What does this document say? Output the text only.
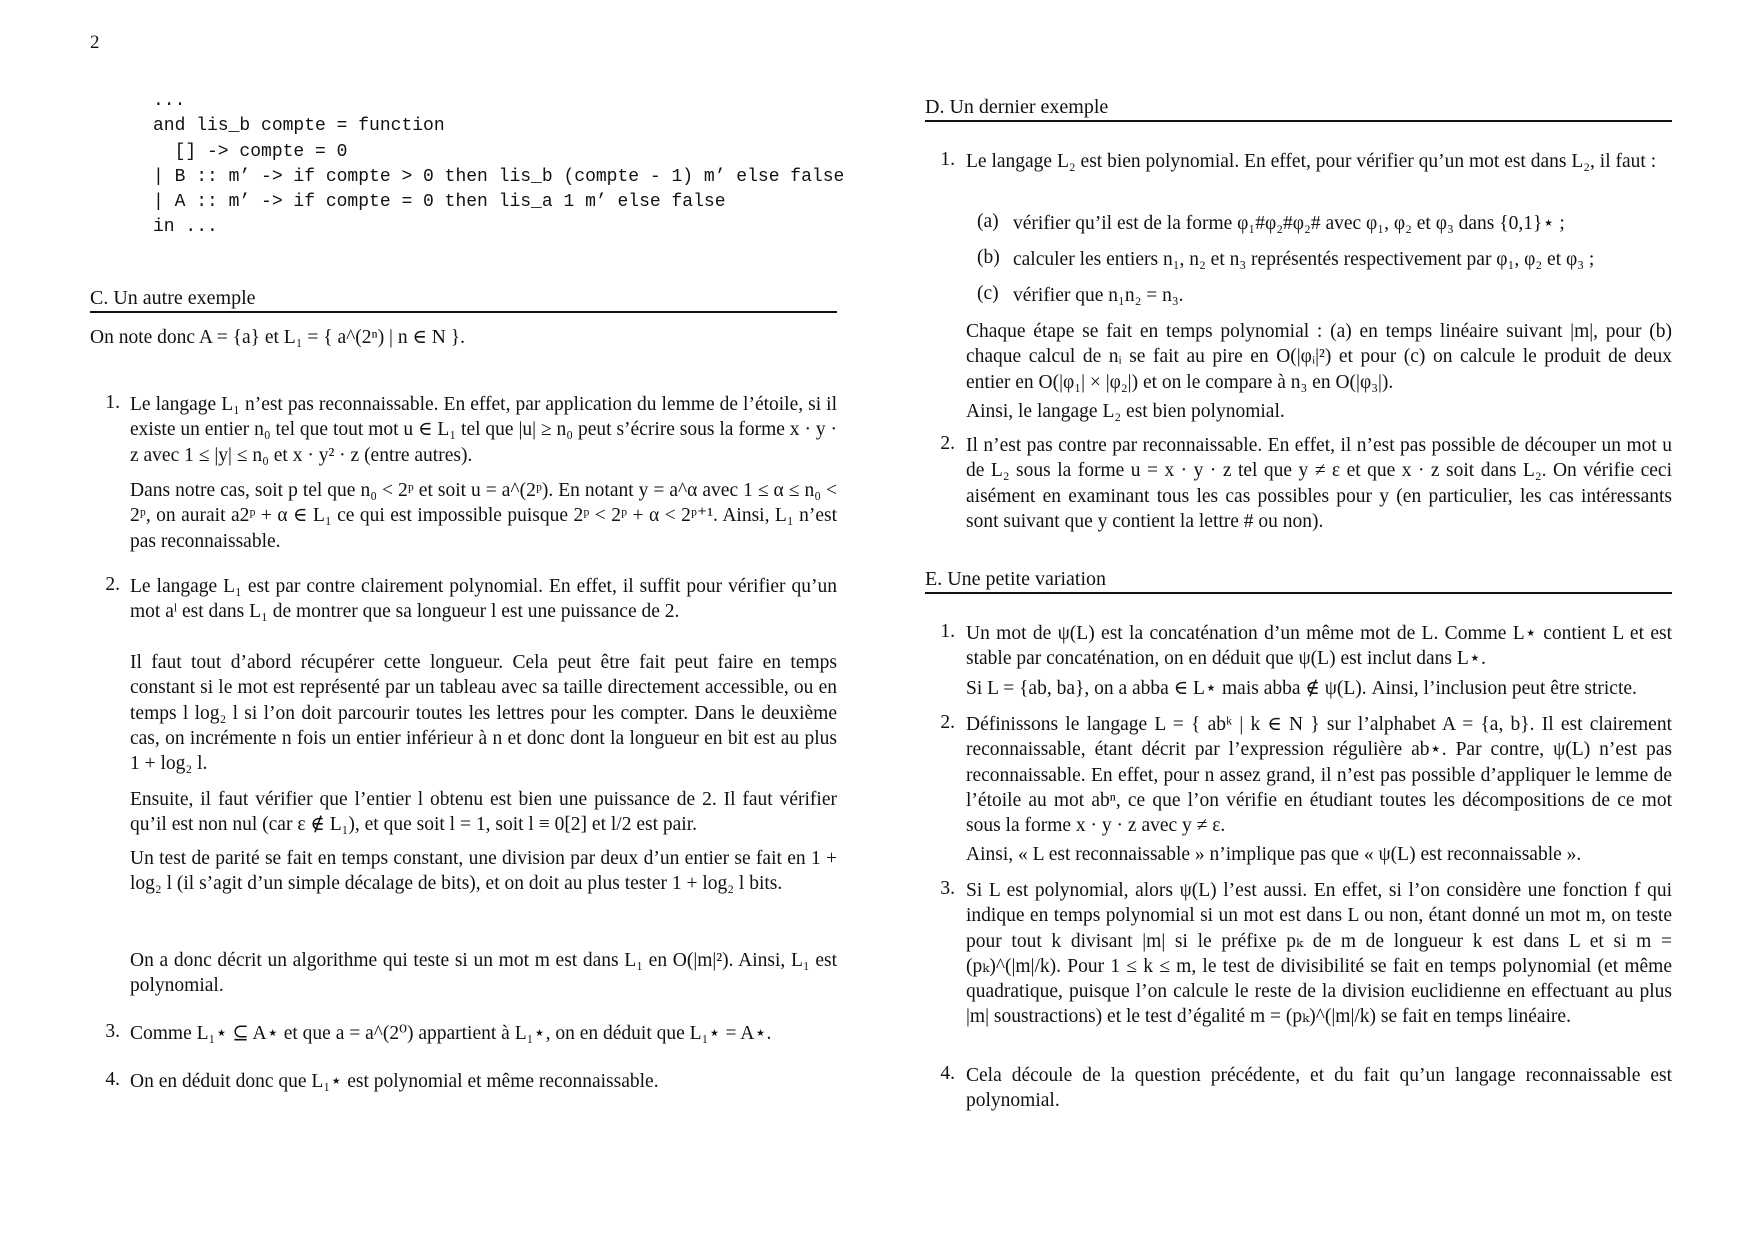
2
...
and lis_b compte = function
[] -> compte = 0
| B :: m’ -> if compte > 0 then lis_b (compte - 1) m’ else false
| A :: m’ -> if compte = 0 then lis_a 1 m’ else false
in ...
C. Un autre exemple
On note donc A = {a} et L₁ = { a^(2ⁿ) | n ∈ N }.
1. Le langage L₁ n’est pas reconnaissable. En effet, par application du lemme de l’étoile, si il existe un entier n₀ tel que tout mot u ∈ L₁ tel que |u| ≥ n₀ peut s’écrire sous la forme x · y · z avec 1 ≤ |y| ≤ n₀ et x · y² · z (entre autres).
Dans notre cas, soit p tel que n₀ < 2ᵖ et soit u = a^(2ᵖ). En notant y = a^α avec 1 ≤ α ≤ n₀ < 2ᵖ, on aurait a2ᵖ + α ∈ L₁ ce qui est impossible puisque 2ᵖ < 2ᵖ + α < 2ᵖ⁺¹. Ainsi, L₁ n’est pas reconnaissable.
2. Le langage L₁ est par contre clairement polynomial. En effet, il suffit pour vérifier qu’un mot aˡ est dans L₁ de montrer que sa longueur l est une puissance de 2.
Il faut tout d’abord récupérer cette longueur. Cela peut être fait peut faire en temps constant si le mot est représenté par un tableau avec sa taille directement accessible, ou en temps l log₂ l si l’on doit parcourir toutes les lettres pour les compter. Dans le deuxième cas, on incrémente n fois un entier inférieur à n et donc dont la longueur en bit est au plus 1 + log₂ l.
Ensuite, il faut vérifier que l’entier l obtenu est bien une puissance de 2. Il faut vérifier qu’il est non nul (car ε ∉ L₁), et que soit l = 1, soit l ≡ 0[2] et l/2 est pair.
Un test de parité se fait en temps constant, une division par deux d’un entier se fait en 1 + log₂ l (il s’agit d’un simple décalage de bits), et on doit au plus tester 1 + log₂ l bits.
On a donc décrit un algorithme qui teste si un mot m est dans L₁ en O(|m|²). Ainsi, L₁ est polynomial.
3. Comme L₁⋆ ⊆ A⋆ et que a = a^(2⁰) appartient à L₁⋆, on en déduit que L₁⋆ = A⋆.
4. On en déduit donc que L₁⋆ est polynomial et même reconnaissable.
D. Un dernier exemple
1. Le langage L₂ est bien polynomial. En effet, pour vérifier qu’un mot est dans L₂, il faut :
(a) vérifier qu’il est de la forme φ₁#φ₂#φ₂# avec φ₁, φ₂ et φ₃ dans {0,1}⋆ ;
(b) calculer les entiers n₁, n₂ et n₃ représentés respectivement par φ₁, φ₂ et φ₃ ;
(c) vérifier que n₁n₂ = n₃.
Chaque étape se fait en temps polynomial : (a) en temps linéaire suivant |m|, pour (b) chaque calcul de nᵢ se fait au pire en O(|φᵢ|²) et pour (c) on calcule le produit de deux entier en O(|φ₁| × |φ₂|) et on le compare à n₃ en O(|φ₃|).
Ainsi, le langage L₂ est bien polynomial.
2. Il n’est pas contre par reconnaissable. En effet, il n’est pas possible de découper un mot u de L₂ sous la forme u = x · y · z tel que y ≠ ε et que x · z soit dans L₂. On vérifie ceci aisément en examinant tous les cas possibles pour y (en particulier, les cas intéressants sont suivant que y contient la lettre # ou non).
E. Une petite variation
1. Un mot de ψ(L) est la concaténation d’un même mot de L. Comme L⋆ contient L et est stable par concaténation, on en déduit que ψ(L) est inclut dans L⋆.
Si L = {ab, ba}, on a abba ∈ L⋆ mais abba ∉ ψ(L). Ainsi, l’inclusion peut être stricte.
2. Définissons le langage L = { abᵏ | k ∈ N } sur l’alphabet A = {a, b}. Il est clairement reconnaissable, étant décrit par l’expression régulière ab⋆. Par contre, ψ(L) n’est pas reconnaissable. En effet, pour n assez grand, il n’est pas possible d’appliquer le lemme de l’étoile au mot abⁿ, ce que l’on vérifie en étudiant toutes les décompositions de ce mot sous la forme x · y · z avec y ≠ ε.
Ainsi, « L est reconnaissable » n’implique pas que « ψ(L) est reconnaissable ».
3. Si L est polynomial, alors ψ(L) l’est aussi. En effet, si l’on considère une fonction f qui indique en temps polynomial si un mot est dans L ou non, étant donné un mot m, on teste pour tout k divisant |m| si le préfixe pₖ de m de longueur k est dans L et si m = (pₖ)^(|m|/k). Pour 1 ≤ k ≤ m, le test de divisibilité se fait en temps polynomial (et même quadratique, puisque l’on calcule le reste de la division euclidienne en effectuant au plus |m| soustractions) et le test d’égalité m = (pₖ)^(|m|/k) se fait en temps linéaire.
4. Cela découle de la question précédente, et du fait qu’un langage reconnaissable est polynomial.
